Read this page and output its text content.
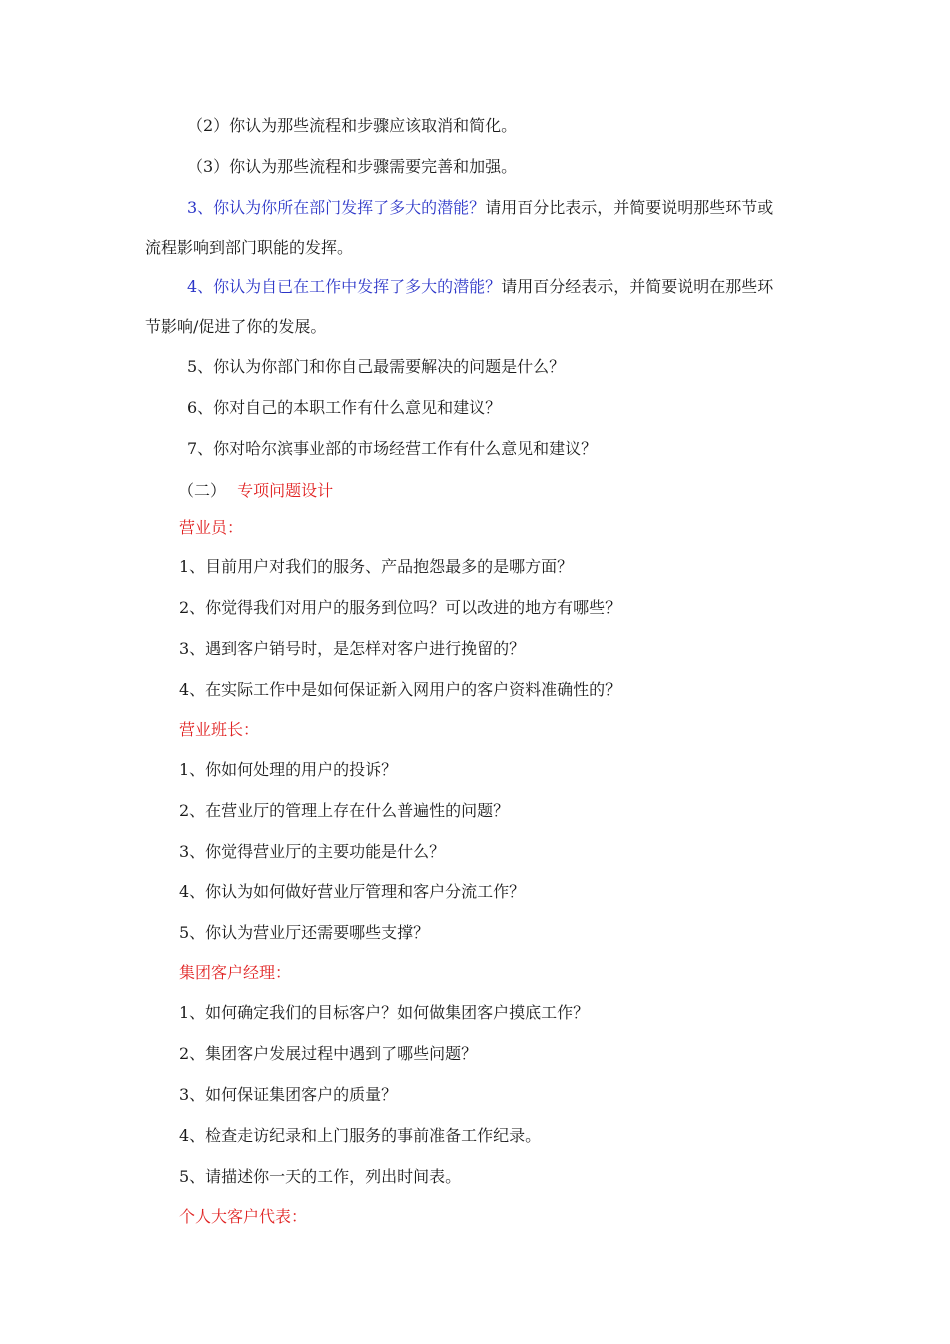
（2）你认为那些流程和步骤应该取消和简化。
（3）你认为那些流程和步骤需要完善和加强。
3、你认为你所在部门发挥了多大的潜能？请用百分比表示，并简要说明那些环节或
流程影响到部门职能的发挥。
4、你认为自已在工作中发挥了多大的潜能？请用百分经表示，并简要说明在那些环
节影响/促进了你的发展。
5、你认为你部门和你自己最需要解决的问题是什么？
6、你对自己的本职工作有什么意见和建议？
7、你对哈尔滨事业部的市场经营工作有什么意见和建议？
（二） 专项问题设计
营业员：
1、目前用户对我们的服务、产品抱怨最多的是哪方面？
2、你觉得我们对用户的服务到位吗？可以改进的地方有哪些？
3、遇到客户销号时，是怎样对客户进行挽留的？
4、在实际工作中是如何保证新入网用户的客户资料准确性的？
营业班长：
1、你如何处理的用户的投诉？
2、在营业厅的管理上存在什么普遍性的问题？
3、你觉得营业厅的主要功能是什么？
4、你认为如何做好营业厅管理和客户分流工作？
5、你认为营业厅还需要哪些支撑？
集团客户经理：
1、如何确定我们的目标客户？如何做集团客户摸底工作？
2、集团客户发展过程中遇到了哪些问题？
3、如何保证集团客户的质量？
4、检查走访纪录和上门服务的事前准备工作纪录。
5、请描述你一天的工作，列出时间表。
个人大客户代表：
